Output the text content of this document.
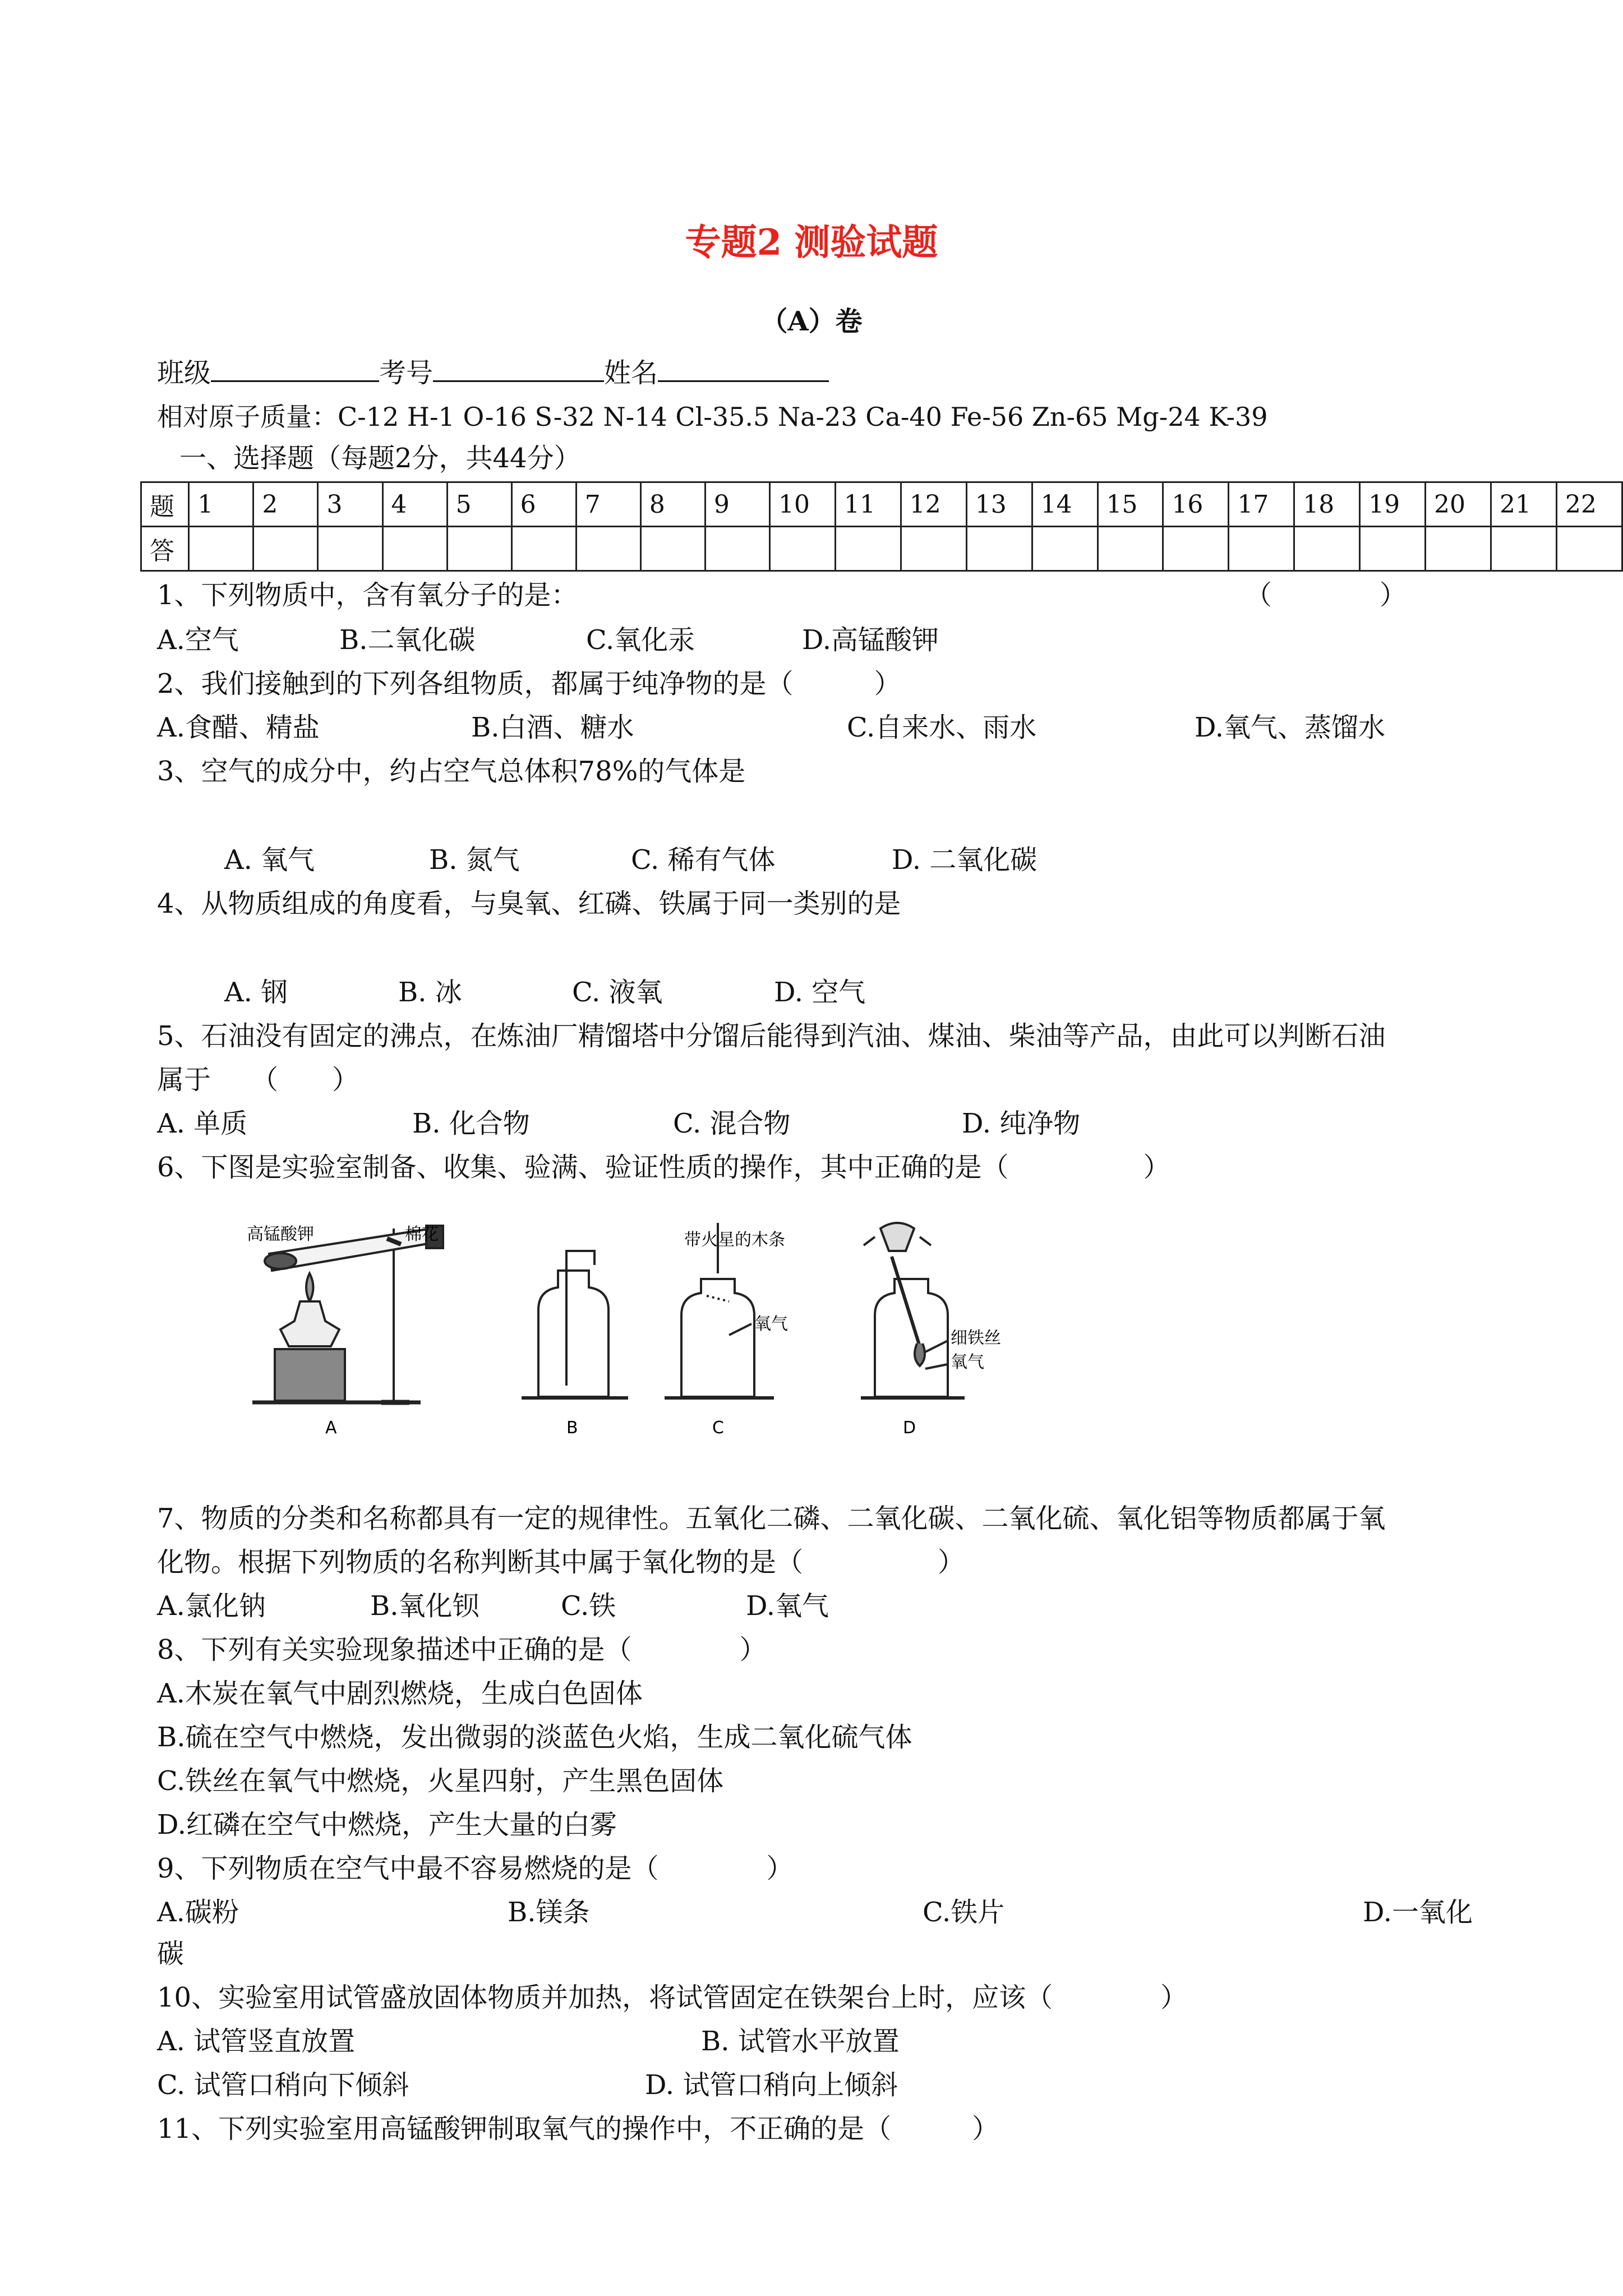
专题2 测验试题
（A）卷
班级	考号	姓名
相对原子质量：C-12 H-1 O-16 S-32 N-14 Cl-35.5 Na-23 Ca-40 Fe-56 Zn-65 Mg-24 K-39
一、选择题（每题2分，共44分）
题	1	2	3	4	5	6	7	8	9	10	11	12	13	14	15	16	17	18	19	20	21	22
答																						
1、下列物质中，含有氧分子的是：	（　　　　）
A.空气	B.二氧化碳	C.氧化汞	D.高锰酸钾
2、我们接触到的下列各组物质，都属于纯净物的是（　　　）
A.食醋、精盐	B.白酒、糖水	C.自来水、雨水	D.氧气、蒸馏水
3、空气的成分中，约占空气总体积78%的气体是
A. 氧气	B. 氮气	C. 稀有气体	D. 二氧化碳
4、从物质组成的角度看，与臭氧、红磷、铁属于同一类别的是
A. 钢	B. 冰	C. 液氧	D. 空气
5、石油没有固定的沸点，在炼油厂精馏塔中分馏后能得到汽油、煤油、柴油等产品，由此可以判断石油
属于　　（　　）
A. 单质	B. 化合物	C. 混合物	D. 纯净物
6、下图是实验室制备、收集、验满、验证性质的操作，其中正确的是（　　　　　）
高锰酸钾	棉花
A	B
带火星的木条
氧气
C
细铁丝
氧气
D
7、物质的分类和名称都具有一定的规律性。五氧化二磷、二氧化碳、二氧化硫、氧化铝等物质都属于氧
化物。根据下列物质的名称判断其中属于氧化物的是（　　　　　）
A.氯化钠	B.氧化钡	C.铁	D.氧气
8、下列有关实验现象描述中正确的是（　　　　）
A.木炭在氧气中剧烈燃烧，生成白色固体
B.硫在空气中燃烧，发出微弱的淡蓝色火焰，生成二氧化硫气体
C.铁丝在氧气中燃烧，火星四射，产生黑色固体
D.红磷在空气中燃烧，产生大量的白雾
9、下列物质在空气中最不容易燃烧的是（　　　　）
A.碳粉	B.镁条	C.铁片	D.一氧化
碳
10、实验室用试管盛放固体物质并加热，将试管固定在铁架台上时，应该（　　　　）
A. 试管竖直放置	B. 试管水平放置
C. 试管口稍向下倾斜	D. 试管口稍向上倾斜
11、下列实验室用高锰酸钾制取氧气的操作中，不正确的是（　　　）
